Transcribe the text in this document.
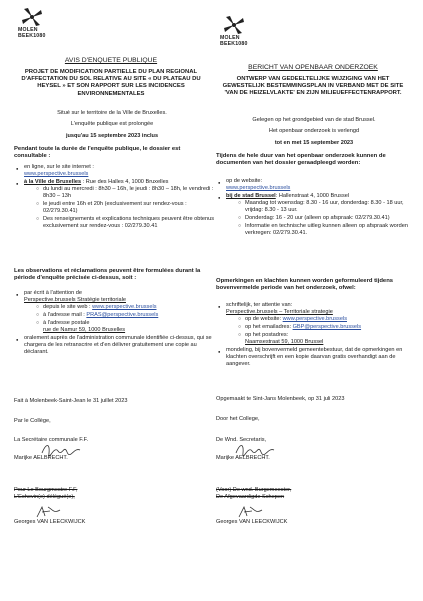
MOLEN
BEEK1080
AVIS D'ENQUETE PUBLIQUE
PROJET DE MODIFICATION PARTIELLE DU PLAN REGIONAL D'AFFECTATION DU SOL RELATIVE AU SITE « DU PLATEAU DU HEYSEL » ET SON RAPPORT SUR LES INCIDENCES ENVIRONNEMENTALES
Situé sur le territoire de la Ville de Bruxelles.
L'enquête publique est prolongée
jusqu'au 15 septembre 2023 inclus
Pendant toute la durée de l'enquête publique, le dossier est consultable :
● en ligne, sur le site internet :
www.perspective.brussels
● à la Ville de Bruxelles : Rue des Halles 4, 1000 Bruxelles
○ du lundi au mercredi : 8h30 – 16h, le jeudi : 8h30 – 18h, le vendredi : 8h30 – 13h
○ le jeudi entre 16h et 20h (exclusivement sur rendez-vous : 02/279.30.41)
○ Des renseignements et explications techniques peuvent être obtenus exclusivement sur rendez-vous : 02/279.30.41
Les observations et réclamations peuvent être formulées durant la période d'enquête précisée ci-dessus, soit :
● par écrit à l'attention de
Perspective.brussels Stratégie territoriale
○ depuis le site web : www.perspective.brussels
○ à l'adresse mail : PRAS@perspective.brussels
○ à l'adresse postale
rue de Namur 59, 1000 Bruxelles
● oralement auprès de l'administration communale identifiée ci-dessus, qui se chargera de les retranscrire et d'en délivrer gratuitement une copie au déclarant.
Fait à Molenbeek-Saint-Jean le 31 juillet 2023
Par le Collège,
La Secrétaire communale F.F.
Marijke AELBRECHT.
Pour Le Bourgmestre F.F,
L'Echevin(e) délégué(e),
Georges VAN LEECKWIJCK
MOLEN
BEEK1080
BERICHT VAN OPENBAAR ONDERZOEK
ONTWERP VAN GEDEELTELIJKE WIJZIGING VAN HET GEWESTELIJK BESTEMMINGSPLAN IN VERBAND MET DE SITE 'VAN DE HEIZELVLAKTE' EN ZIJN MILIEUEFFECTENRAPPORT.
Gelegen op het grondgebied van de stad Brussel.
Het openbaar onderzoek is verlengd
tot en met 15 september 2023
Tijdens de hele duur van het openbaar onderzoek kunnen de documenten van het dossier geraadpleegd worden:
● op de website:
www.perspective.brussels
● bij de stad Brussel: Hallenstraat 4, 1000 Brussel
○ Maandag tot woensdag: 8.30 - 16 uur, donderdag: 8.30 - 18 uur, vrijdag: 8.30 - 13 uur.
○ Donderdag: 16 - 20 uur (alleen op afspraak: 02/279.30.41)
○ Informatie en technische uitleg kunnen alleen op afspraak worden verkregen: 02/279.30.41.
Opmerkingen en klachten kunnen worden geformuleerd tijdens bovenvermelde periode van het onderzoek, ofwel:
● schriftelijk, ter attentie van:
Perspective.brussels – Territoriale strategie
○ op de website: www.perspective.brussels
○ op het emailadres: GBP@perspective.brussels
○ op het postadres:
Naamsestraat 59, 1000 Brussel
● mondeling, bij bovenvermeld gemeentebestuur, dat de opmerkingen en klachten overschrijft en een kopie daarvan gratis overhandigt aan de aangever.
Opgemaakt te Sint-Jans Molenbeek, op 31 juli 2023
Door het College,
De Wnd. Secretaris,
Marijke AELBRECHT.
(Voor) De wnd. Burgemeester,
De Afgevaardigde Schepen
Georges VAN LEECKWIJCK
